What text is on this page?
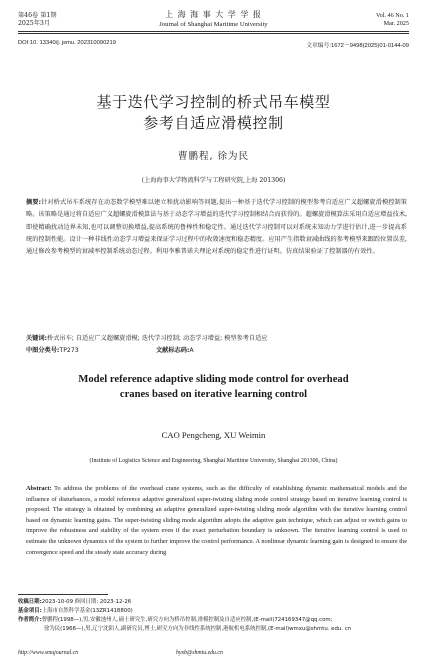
第46卷 第1期
2025年3月
上 海 海 事 大 学 学 报
Journal of Shanghai Maritime University
Vol. 46 No. 1
Mar. 2025
DOI:10. 13340/j. jsmu. 202310090219	文章编号:1672－9498(2025)01-0144-09
基于迭代学习控制的桥式吊车模型
参考自适应滑模控制
曹鹏程, 徐为民
(上海海事大学物流科学与工程研究院,上海 201306)
摘要:针对桥式吊车系统存在动态数学模型难以建立和扰动影响等问题,提出一种基于迭代学习控制的模型参考自适应广义超螺旋滑模控制策略。该策略是通过将自适应广义超螺旋滑模算法与基于动态学习增益的迭代学习控制相结合而获得的。超螺旋滑模算法采用自适应增益技术,即使精确扰动边界未知,也可以调整切换增益,提高系统的鲁棒性和稳定性。通过迭代学习控制可以对系统未知动力学进行估计,进一步提高系统的控制性能。设计一种非线性动态学习增益来保证学习过程中的收敛速度和稳态精度。应用产生指数衰减曲线的参考模型来跟踪位置误差,通过修改参考模型的衰减率控制系统动态过程。利用李雅普诺夫理论对系统的稳定性进行证明。仿真结果验证了控制器的有效性。
关键词:桥式吊车; 自适应广义超螺旋滑模; 迭代学习控制; 动态学习增益; 模型参考自适应
中图分类号:TP273	文献标志码:A
Model reference adaptive sliding mode control for overhead
cranes based on iterative learning control
CAO Pengcheng, XU Weimin
(Institute of Logistics Science and Engineering, Shanghai Maritime University, Shanghai 201306, China)
Abstract: To address the problems of the overhead crane systems, such as the difficulty of establishing dynamic mathematical models and the influence of disturbances, a model reference adaptive generalized super-twisting sliding mode control strategy based on iterative learning control is proposed. The strategy is obtained by combining an adaptive generalized super-twisting sliding mode algorithm with the iterative learning control based on dynamic learning gains. The super-twisting sliding mode algorithm adopts the adaptive gain technique, which can adjust or switch gains to improve the robustness and stability of the system even if the exact perturbation boundary is unknown. The iterative learning control is used to estimate the unknown dynamics of the system to further improve the control performance. A nonlinear dynamic learning gain is designed to ensure the convergence speed and the steady state accuracy during
收稿日期:2023-10-09 修回日期: 2023-12-26
基金项目:上海市自然科学基金(13ZR1418800)
作者简介:曹鹏程(1998—),男,安徽池州人,硕士研究生,研究方向为桥吊控制,滑模控制及自适应控制,(E-mail)724169347@qq.com;
徐为民(1966—),男,辽宁沈阳人,副研究员,博士,研究方向为非线性系统控制,港航机电系统控制,(E-mail)wmxu@shmtu. edu. cn
http://www.smujournal.cn	hyxb@shmtu.edu.cn
